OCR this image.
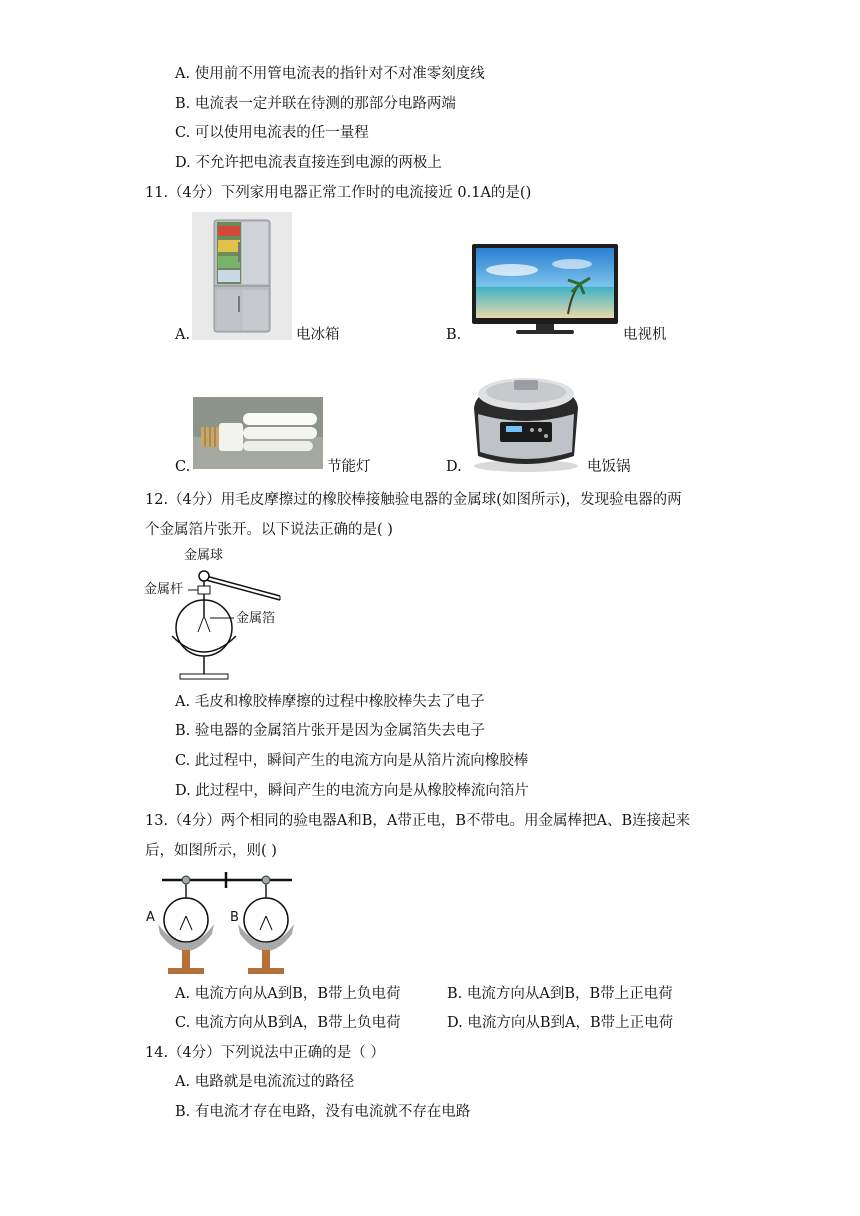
A. 使用前不用管电流表的指针对不对准零刻度线
B. 电流表一定并联在待测的那部分电路两端
C. 可以使用电流表的任一量程
D. 不允许把电流表直接连到电源的两极上
11.（4分）下列家用电器正常工作时的电流接近 0.1A的是()
A.	电冰箱	B.	电视机
C.	节能灯	D.	电饭锅
12.（4分）用毛皮摩擦过的橡胶棒接触验电器的金属球(如图所示)，发现验电器的两
个金属箔片张开。以下说法正确的是( )
金属球
金属杆
金属箔
A. 毛皮和橡胶棒摩擦的过程中橡胶棒失去了电子
B. 验电器的金属箔片张开是因为金属箔失去电子
C. 此过程中，瞬间产生的电流方向是从箔片流向橡胶棒
D. 此过程中，瞬间产生的电流方向是从橡胶棒流向箔片
13.（4分）两个相同的验电器A和B，A带正电，B不带电。用金属棒把A、B连接起来
后，如图所示，则( )
A	B
A. 电流方向从A到B，B带上负电荷	B. 电流方向从A到B，B带上正电荷
C. 电流方向从B到A，B带上负电荷	D. 电流方向从B到A，B带上正电荷
14.（4分）下列说法中正确的是（ ）
A. 电路就是电流流过的路径
B. 有电流才存在电路，没有电流就不存在电路
